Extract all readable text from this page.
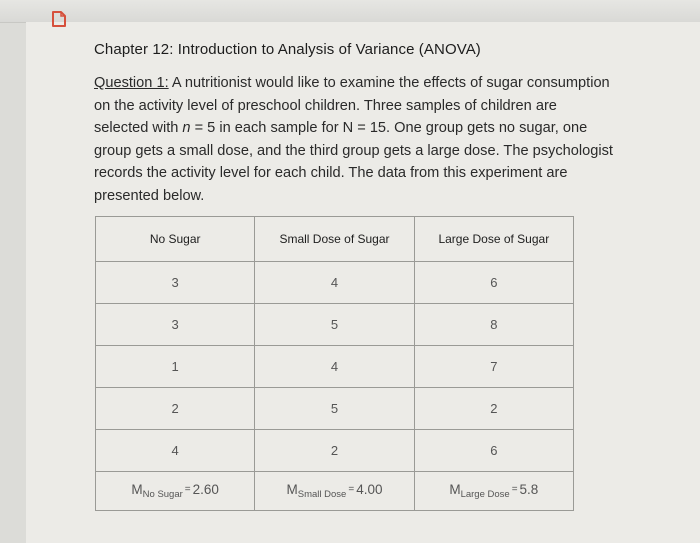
Chapter 12: Introduction to Analysis of Variance (ANOVA)
Question 1: A nutritionist would like to examine the effects of sugar consumption on the activity level of preschool children. Three samples of children are selected with n = 5 in each sample for N = 15. One group gets no sugar, one group gets a small dose, and the third group gets a large dose. The psychologist records the activity level for each child. The data from this experiment are presented below.
No Sugar	Small Dose of Sugar	Large Dose of Sugar
3	4	6
3	5	8
1	4	7
2	5	2
4	2	6
$M_{No Sugar} = 2.60$	$M_{Small Dose} = 4.00$	$M_{Large Dose} = 5.8$
